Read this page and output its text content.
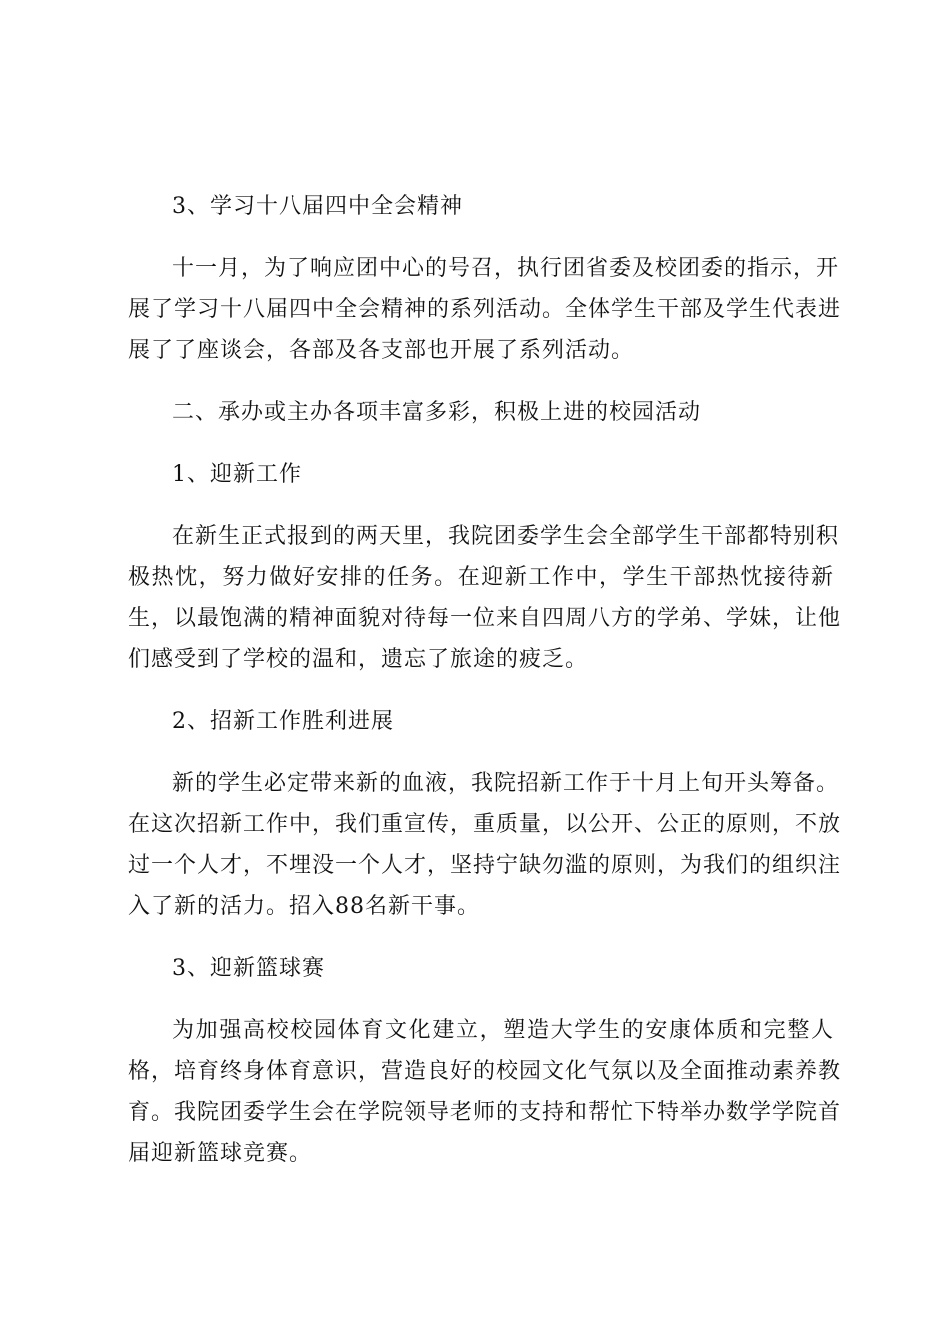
3、学习十八届四中全会精神
十一月，为了响应团中心的号召，执行团省委及校团委的指示，开
展了学习十八届四中全会精神的系列活动。全体学生干部及学生代表进
展了了座谈会，各部及各支部也开展了系列活动。
二、承办或主办各项丰富多彩，积极上进的校园活动
1、迎新工作
在新生正式报到的两天里，我院团委学生会全部学生干部都特别积
极热忱，努力做好安排的任务。在迎新工作中，学生干部热忱接待新
生，以最饱满的精神面貌对待每一位来自四周八方的学弟、学妹，让他
们感受到了学校的温和，遗忘了旅途的疲乏。
2、招新工作胜利进展
新的学生必定带来新的血液，我院招新工作于十月上旬开头筹备。
在这次招新工作中，我们重宣传，重质量，以公开、公正的原则，不放
过一个人才，不埋没一个人才，坚持宁缺勿滥的原则，为我们的组织注
入了新的活力。招入88名新干事。
3、迎新篮球赛
为加强高校校园体育文化建立，塑造大学生的安康体质和完整人
格，培育终身体育意识，营造良好的校园文化气氛以及全面推动素养教
育。我院团委学生会在学院领导老师的支持和帮忙下特举办数学学院首
届迎新篮球竞赛。
